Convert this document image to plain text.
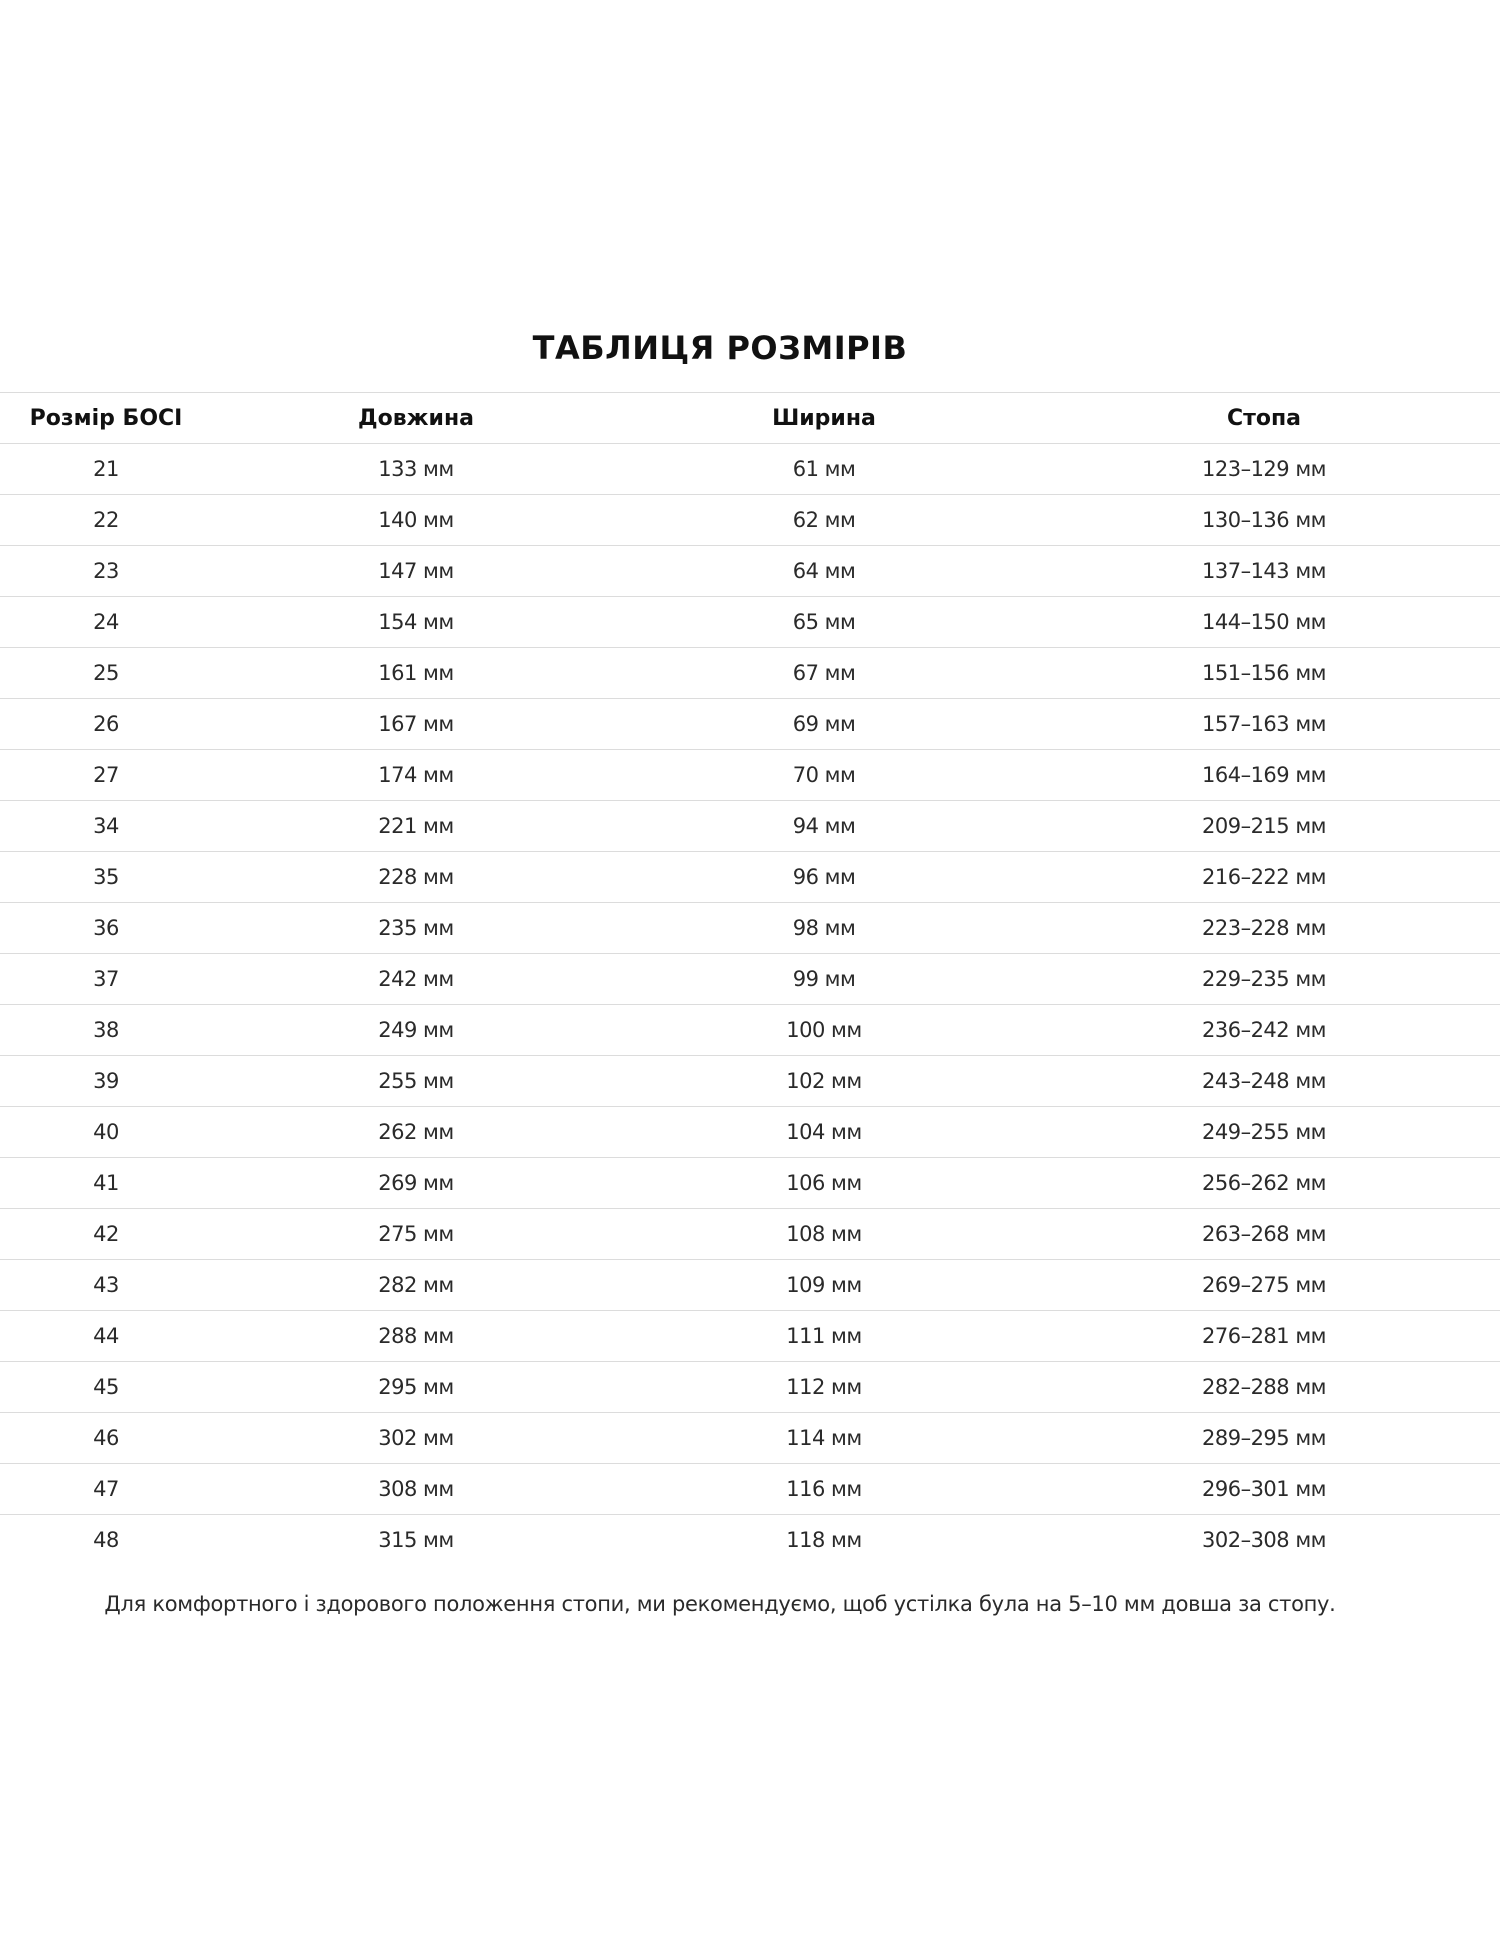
ТАБЛИЦЯ РОЗМІРІВ
Розмір БОСІ	Довжина	Ширина	Стопа
21	133 мм	61 мм	123–129 мм
22	140 мм	62 мм	130–136 мм
23	147 мм	64 мм	137–143 мм
24	154 мм	65 мм	144–150 мм
25	161 мм	67 мм	151–156 мм
26	167 мм	69 мм	157–163 мм
27	174 мм	70 мм	164–169 мм
34	221 мм	94 мм	209–215 мм
35	228 мм	96 мм	216–222 мм
36	235 мм	98 мм	223–228 мм
37	242 мм	99 мм	229–235 мм
38	249 мм	100 мм	236–242 мм
39	255 мм	102 мм	243–248 мм
40	262 мм	104 мм	249–255 мм
41	269 мм	106 мм	256–262 мм
42	275 мм	108 мм	263–268 мм
43	282 мм	109 мм	269–275 мм
44	288 мм	111 мм	276–281 мм
45	295 мм	112 мм	282–288 мм
46	302 мм	114 мм	289–295 мм
47	308 мм	116 мм	296–301 мм
48	315 мм	118 мм	302–308 мм

Для комфортного і здорового положення стопи, ми рекомендуємо, щоб устілка була на 5–10 мм довша за стопу.
